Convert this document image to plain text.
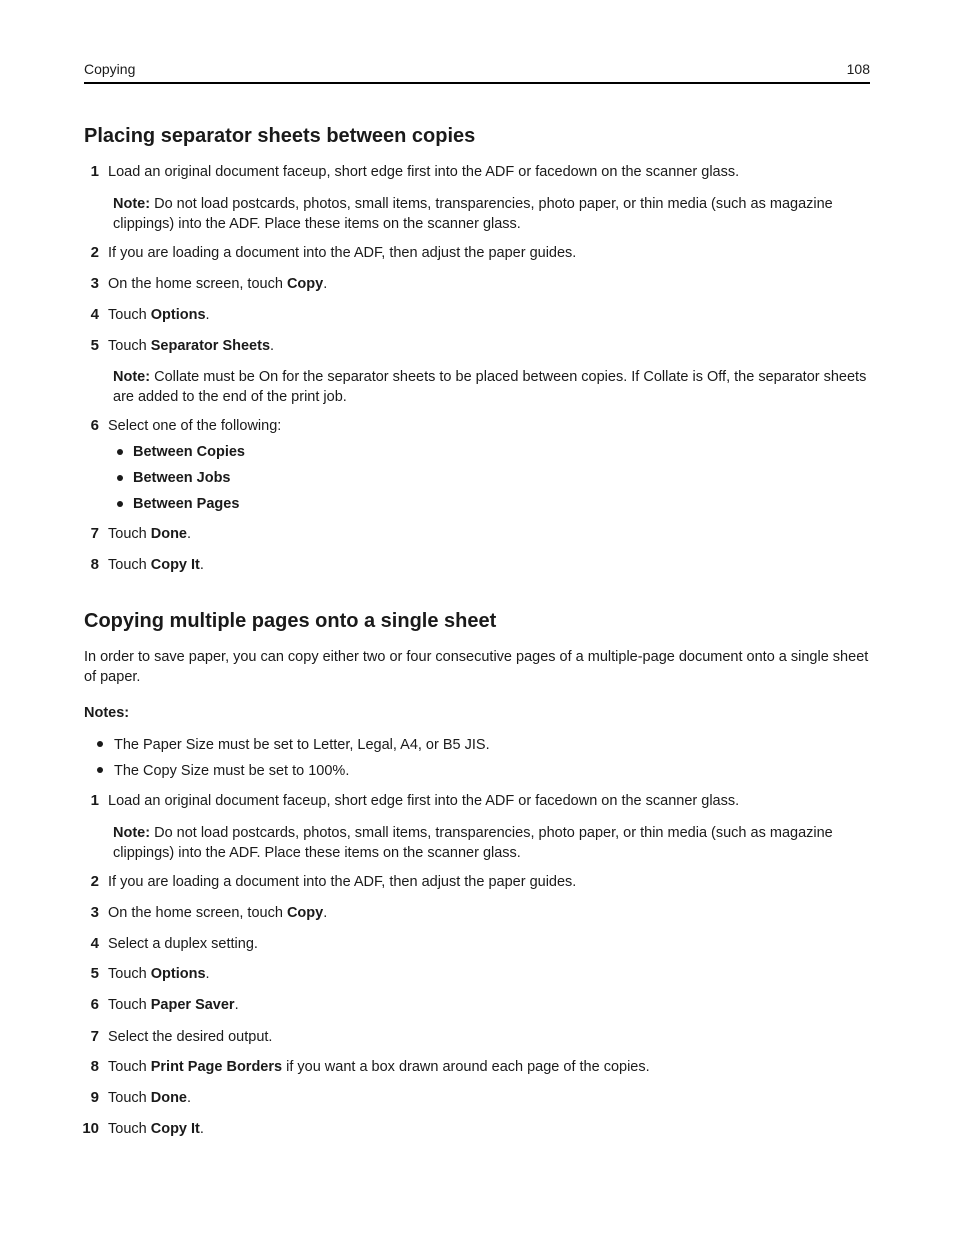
Copying	108
Placing separator sheets between copies
1 Load an original document faceup, short edge first into the ADF or facedown on the scanner glass.
Note: Do not load postcards, photos, small items, transparencies, photo paper, or thin media (such as magazine clippings) into the ADF. Place these items on the scanner glass.
2 If you are loading a document into the ADF, then adjust the paper guides.
3 On the home screen, touch Copy.
4 Touch Options.
5 Touch Separator Sheets.
Note: Collate must be On for the separator sheets to be placed between copies. If Collate is Off, the separator sheets are added to the end of the print job.
6 Select one of the following:
Between Copies
Between Jobs
Between Pages
7 Touch Done.
8 Touch Copy It.
Copying multiple pages onto a single sheet
In order to save paper, you can copy either two or four consecutive pages of a multiple-page document onto a single sheet of paper.
Notes:
The Paper Size must be set to Letter, Legal, A4, or B5 JIS.
The Copy Size must be set to 100%.
1 Load an original document faceup, short edge first into the ADF or facedown on the scanner glass.
Note: Do not load postcards, photos, small items, transparencies, photo paper, or thin media (such as magazine clippings) into the ADF. Place these items on the scanner glass.
2 If you are loading a document into the ADF, then adjust the paper guides.
3 On the home screen, touch Copy.
4 Select a duplex setting.
5 Touch Options.
6 Touch Paper Saver.
7 Select the desired output.
8 Touch Print Page Borders if you want a box drawn around each page of the copies.
9 Touch Done.
10 Touch Copy It.
